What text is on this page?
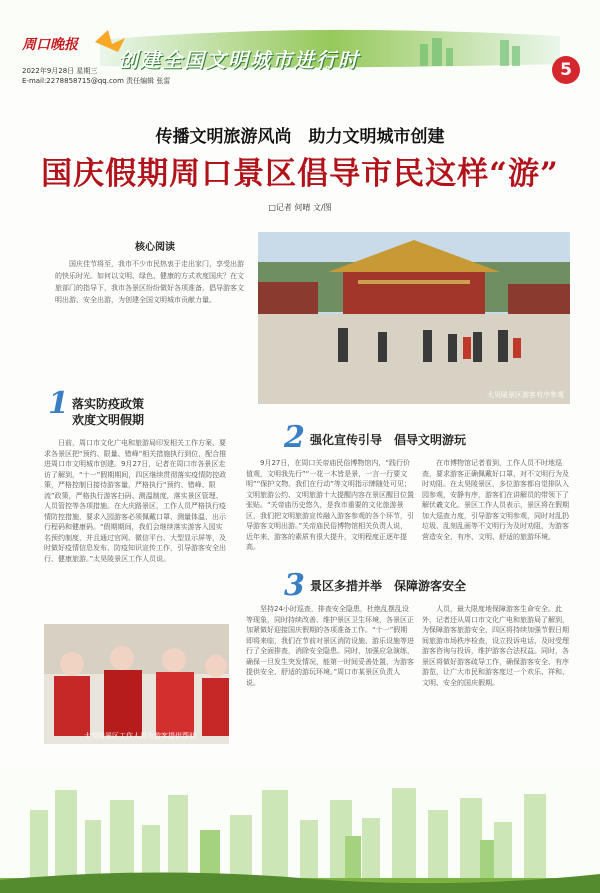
周口晚报
创建全国文明城市进行时
2022年9月28日 星期三
E-mail:2278858715@qq.com 责任编辑 张雷
5
传播文明旅游风尚　助力文明城市创建
国庆假期周口景区倡导市民这样“游”
□记者 何晴 文/图
核心阅读
国庆佳节将至，我市不少市民热衷于走出家门，享受出游的快乐时光。如何以文明、绿色、健康的方式欢度国庆？在文旅部门的指导下，我市各景区纷纷做好各项准备，倡导游客文明出游、安全出游，为创建全国文明城市贡献力量。
太昊陵景区游客有序参观
1 落实防疫政策
欢度文明假期
日前，周口市文化广电和旅游局印发相关工作方案，要求各景区把“预约、限量、错峰”相关措施执行到位，配合推进周口市文明城市创建。9月27日，记者在周口市各景区走访了解到，“十一”假期期间，四区继续贯彻落实疫情防控政策，严格控制日接待游客量，严格执行“预约、错峰、限流”政策，严格执行游客扫码、测温制度，落实景区管理、人员管控等各项措施。在大庆路景区，工作人员严格执行疫情防控措施，要求入园游客必须佩戴口罩、测量体温、出示行程码和健康码。“假期期间，我们会继续落实游客入园实名预约制度，并且通过官网、微信平台、大型显示屏等，及时做好疫情信息发布、防疫知识宣传工作，引导游客安全出行、健康旅游。”太昊陵景区工作人员说。
太昊陵景区工作人员为游客提供帮助
2 强化宣传引导　倡导文明游玩
9月27日，在周口关帝庙民俗博物馆内，“践行价值观，文明我先行”“一花一木皆是景，一言一行要文明”“保护文物、我们在行动”等文明指示牌随处可见；文明旅游公约、文明旅游十大提醒内容在景区醒目位置张贴。“关帝庙历史悠久，是我市重要的文化旅游景区，我们把文明旅游宣传融入游客参观的各个环节，引导游客文明出游。”关帝庙民俗博物馆相关负责人说，近年来，游客的素质有很大提升，文明程度正逐年提高。
在市博物馆记者看到，工作人员不时地巡查，要求游客正确佩戴好口罩，对不文明行为及时劝阻。在太昊陵景区，多位游客都自觉排队入园参观，安静有序，游客们在讲解员的带领下了解伏羲文化。景区工作人员表示，景区将在假期加大巡查力度，引导游客文明参观，同时对乱扔垃圾、乱刻乱画等不文明行为及时劝阻，为游客营造安全、有序、文明、舒适的旅游环境。
3 景区多措并举　保障游客安全
坚持24小时巡查，排查安全隐患，杜绝乱摆乱设等现象，同时持续改善、维护景区卫生环境，各景区正加紧做好迎接国庆假期的各项准备工作。“十一”假期即将来临，我们在节前对景区消防设施、游乐设施等进行了全面排查，消除安全隐患。同时，加强应急演练，确保一旦发生突发情况，能第一时间妥善处置，为游客提供安全、舒适的游玩环境。”周口市某景区负责人说。
人员，最大限度地保障游客生命安全。此外，记者还从周口市文化广电和旅游局了解到，为保障游客旅游安全，四区将持续加强节假日期间旅游市场秩序检查，设立投诉电话，及时受理游客咨询与投诉，维护游客合法权益。同时，各景区将做好游客疏导工作，确保游客安全、有序游览，让广大市民和游客度过一个欢乐、祥和、文明、安全的国庆假期。
